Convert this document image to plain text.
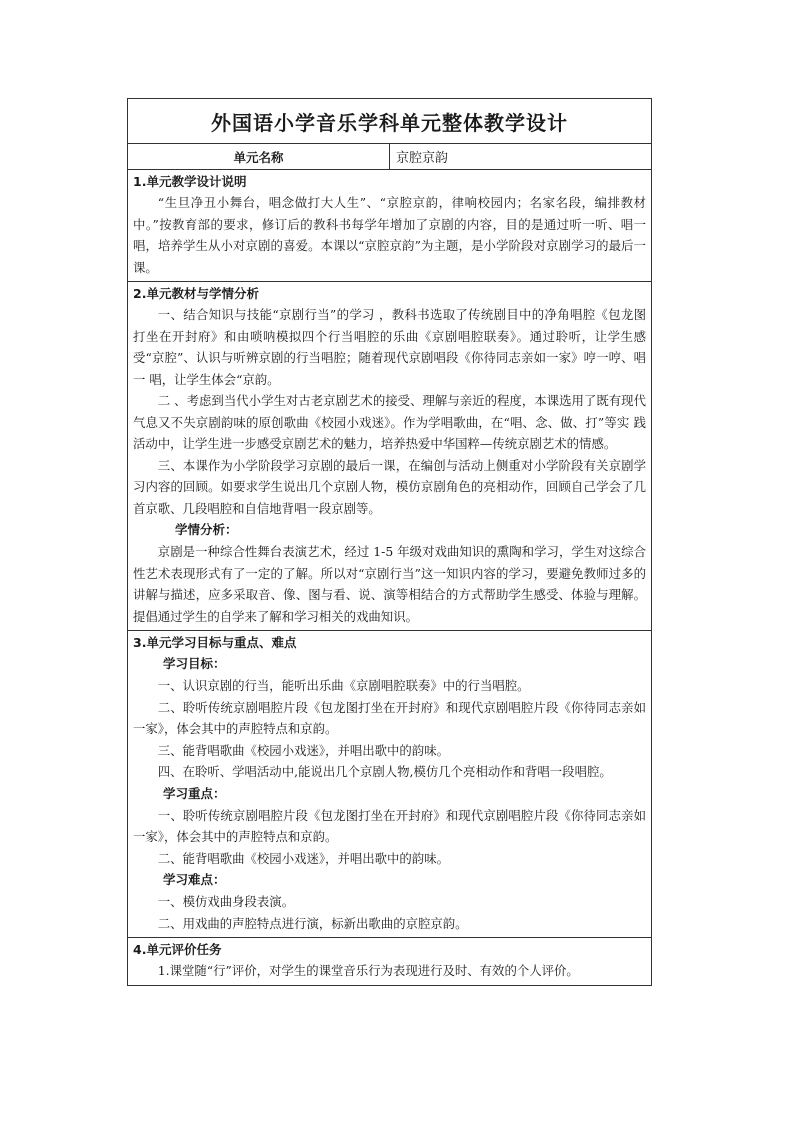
外国语小学音乐学科单元整体教学设计
单元名称	京腔京韵

1.单元教学设计说明

“生旦净丑小舞台，唱念做打大人生”、“京腔京韵，律响校园内；名家名段，编排教材中。”按教育部的要求，修订后的教科书每学年增加了京剧的内容，目的是通过听一听、唱一唱，培养学生从小对京剧的喜爱。本课以“京腔京韵”为主题，是小学阶段对京剧学习的最后一课。

2.单元教材与学情分析

一、结合知识与技能“京剧行当”的学习 ，教科书选取了传统剧目中的净角唱腔《包龙图 打坐在开封府》和由唢呐模拟四个行当唱腔的乐曲《京剧唱腔联奏》。通过聆听，让学生感受“京腔”、认识与听辨京剧的行当唱腔；随着现代京剧唱段《你待同志亲如一家》哼一哼、唱一 唱，让学生体会“京韵。

二 、考虑到当代小学生对古老京剧艺术的接受、理解与亲近的程度，本课选用了既有现代气息又不失京剧韵味的原创歌曲《校园小戏迷》。作为学唱歌曲，在“唱、念、做、打”等实 践活动中，让学生进一步感受京剧艺术的魅力，培养热爱中华国粹—传统京剧艺术的情感。

三、本课作为小学阶段学习京剧的最后一课，在编创与活动上侧重对小学阶段有关京剧学习内容的回顾。如要求学生说出几个京剧人物，模仿京剧角色的亮相动作，回顾自己学会了几首京歌、几段唱腔和自信地背唱一段京剧等。

学情分析：

京剧是一种综合性舞台表演艺术，经过 1-5 年级对戏曲知识的熏陶和学习，学生对这综合性艺术表现形式有了一定的了解。所以对“京剧行当”这一知识内容的学习，要避免教师过多的讲解与描述，应多采取音、像、图与看、说、演等相结合的方式帮助学生感受、体验与理解。提倡通过学生的自学来了解和学习相关的戏曲知识。

3.单元学习目标与重点、难点
学习目标：

一、认识京剧的行当，能听出乐曲《京剧唱腔联奏》中的行当唱腔。

二、聆听传统京剧唱腔片段《包龙图打坐在开封府》和现代京剧唱腔片段《你待同志亲如一家》，体会其中的声腔特点和京韵。

三、能背唱歌曲《校园小戏迷》，并唱出歌中的韵味。

四、在聆听、学唱活动中,能说出几个京剧人物,模仿几个亮相动作和背唱一段唱腔。

学习重点：

一、聆听传统京剧唱腔片段《包龙图打坐在开封府》和现代京剧唱腔片段《你待同志亲如一家》，体会其中的声腔特点和京韵。

二、能背唱歌曲《校园小戏迷》，并唱出歌中的韵味。

学习难点：

一、模仿戏曲身段表演。

二、用戏曲的声腔特点进行演，标新出歌曲的京腔京韵。

4.单元评价任务

1.课堂随“行”评价，对学生的课堂音乐行为表现进行及时、有效的个人评价。
